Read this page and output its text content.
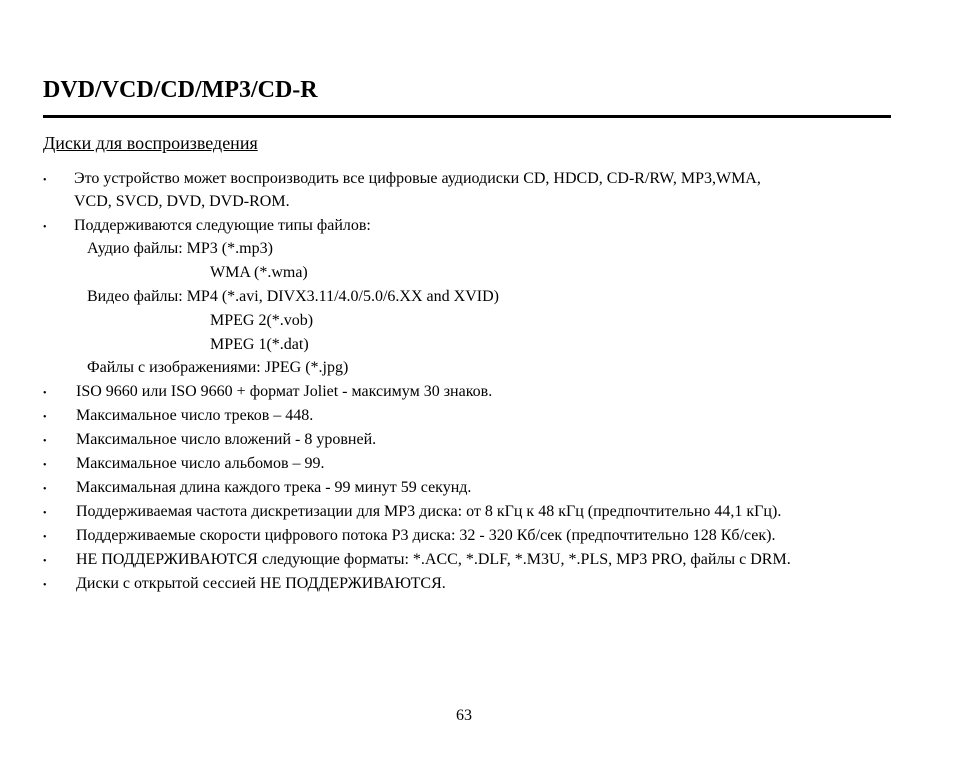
DVD/VCD/CD/MP3/CD-R
Диски для воспроизведения
•
•
•
•
•
•
•
•
•
•
•
Это устройство может воспроизводить все цифровые аудиодиски CD, HDCD, CD-R/RW, MP3,WMA,
VCD, SVCD, DVD, DVD-ROM.
Поддерживаются следующие типы файлов:
Аудио файлы: MP3 (*.mp3)
WMA (*.wma)
Видео файлы: MP4 (*.avi, DIVX3.11/4.0/5.0/6.XX and XVID)
MPEG 2(*.vob)
MPEG 1(*.dat)
Файлы с изображениями: JPEG (*.jpg)
ISO 9660 или ISO 9660 + формат Joliet - максимум 30 знаков.
Максимальное число треков – 448.
Максимальное число вложений - 8 уровней.
Максимальное число альбомов – 99.
Максимальная длина каждого трека - 99 минут 59 секунд.
Поддерживаемая частота дискретизации для MP3 диска: от 8 кГц к 48 кГц (предпочтительно 44,1 кГц).
Поддерживаемые скорости цифрового потока P3 диска: 32 - 320 Кб/сек (предпочтительно 128 Кб/сек).
НЕ ПОДДЕРЖИВАЮТСЯ следующие форматы: *.ACC, *.DLF, *.M3U, *.PLS, MP3 PRO, файлы с DRM.
Диски с открытой сессией НЕ ПОДДЕРЖИВАЮТСЯ.
63
